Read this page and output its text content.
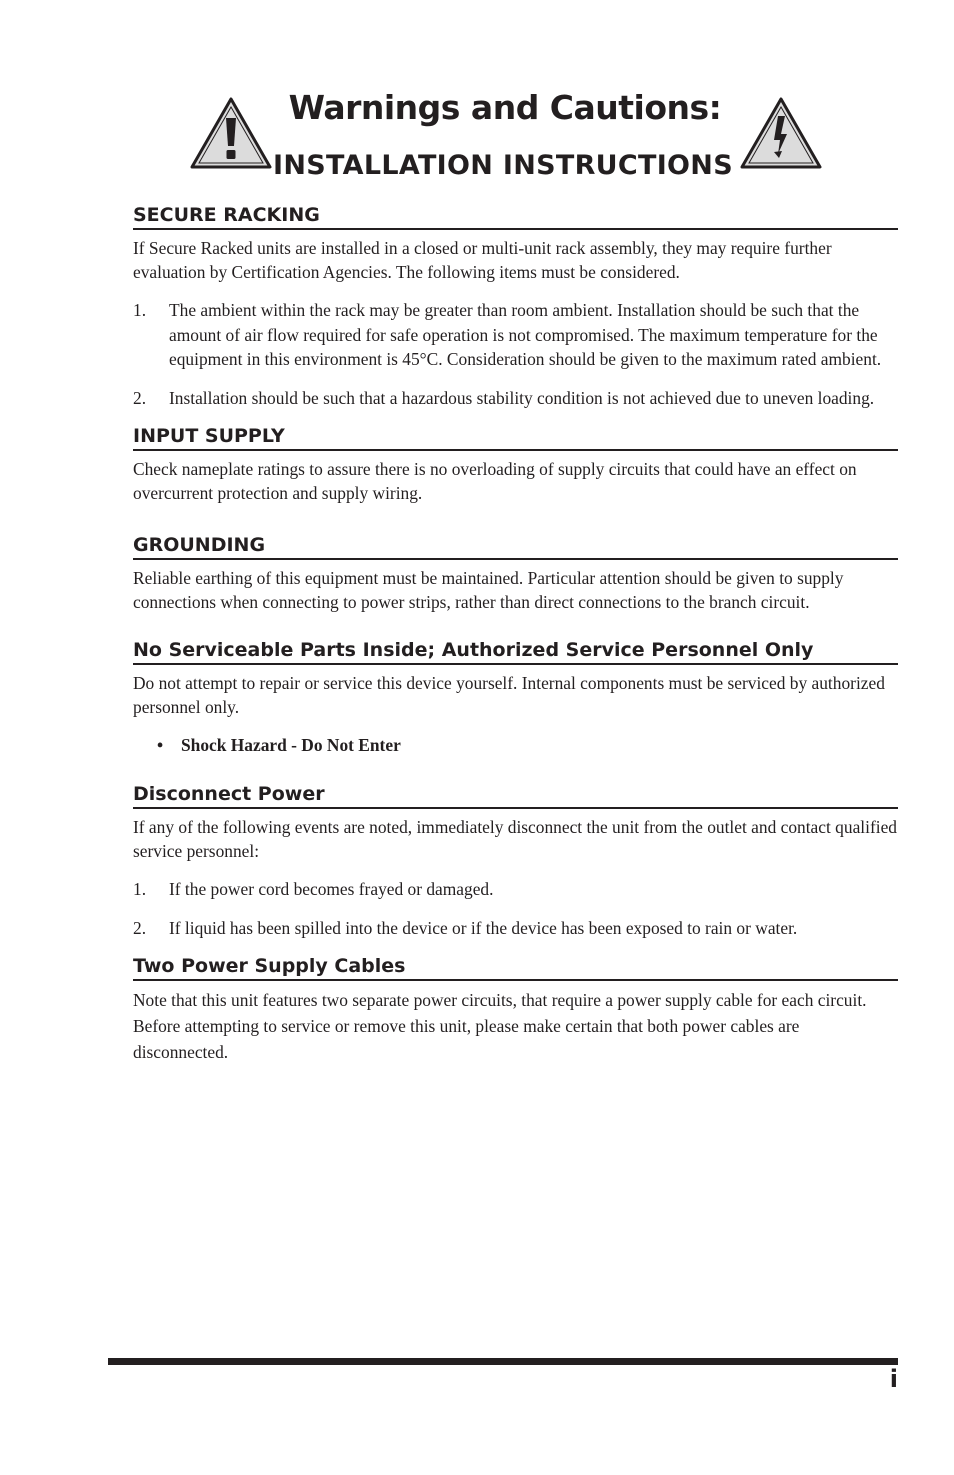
Warnings and Cautions:
INSTALLATION INSTRUCTIONS
SECURE RACKING

If Secure Racked units are installed in a closed or multi-unit rack assembly, they may require further evaluation by Certification Agencies. The following items must be considered.

1.	The ambient within the rack may be greater than room ambient. Installation should be such that the amount of air flow required for safe operation is not compromised. The maximum temperature for the equipment in this environment is 45°C. Consideration should be given to the maximum rated ambient.
2.	Installation should be such that a hazardous stability condition is not achieved due to uneven loading.
INPUT SUPPLY

Check nameplate ratings to assure there is no overloading of supply circuits that could have an effect on overcurrent protection and supply wiring.

GROUNDING

Reliable earthing of this equipment must be maintained. Particular attention should be given to supply connections when connecting to power strips, rather than direct connections to the branch circuit.

No Serviceable Parts Inside; Authorized Service Personnel Only

Do not attempt to repair or service this device yourself. Internal components must be serviced by authorized personnel only.

•	Shock Hazard - Do Not Enter
Disconnect Power

If any of the following events are noted, immediately disconnect the unit from the outlet and contact qualified service personnel:

1.	If the power cord becomes frayed or damaged.
2.	If liquid has been spilled into the device or if the device has been exposed to rain or water.
Two Power Supply Cables

Note that this unit features two separate power circuits, that require a power supply cable for each circuit. Before attempting to service or remove this unit, please make certain that both power cables are disconnected.

i
